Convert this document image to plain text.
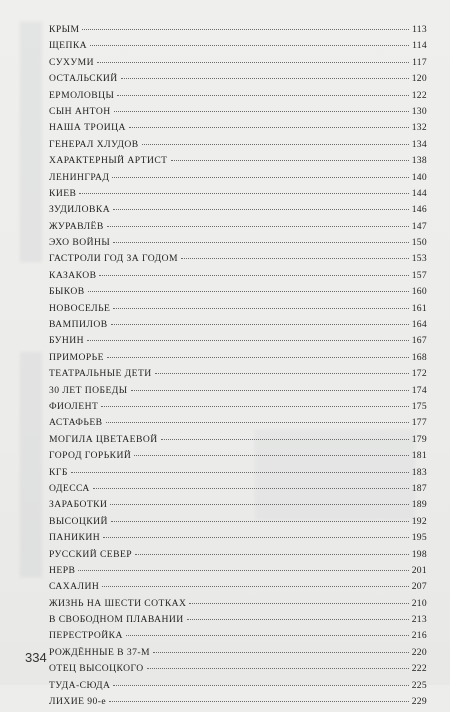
КРЫМ	113
ЩЕПКА	114
СУХУМИ	117
ОСТАЛЬСКИЙ	120
ЕРМОЛОВЦЫ	122
СЫН АНТОН	130
НАША ТРОИЦА	132
ГЕНЕРАЛ ХЛУДОВ	134
ХАРАКТЕРНЫЙ АРТИСТ	138
ЛЕНИНГРАД	140
КИЕВ	144
ЗУДИЛОВКА	146
ЖУРАВЛЁВ	147
ЭХО ВОЙНЫ	150
ГАСТРОЛИ ГОД ЗА ГОДОМ	153
КАЗАКОВ	157
БЫКОВ	160
НОВОСЕЛЬЕ	161
ВАМПИЛОВ	164
БУНИН	167
ПРИМОРЬЕ	168
ТЕАТРАЛЬНЫЕ ДЕТИ	172
30 ЛЕТ ПОБЕДЫ	174
ФИОЛЕНТ	175
АСТАФЬЕВ	177
МОГИЛА ЦВЕТАЕВОЙ	179
ГОРОД ГОРЬКИЙ	181
КГБ	183
ОДЕССА	187
ЗАРАБОТКИ	189
ВЫСОЦКИЙ	192
ПАНИКИН	195
РУССКИЙ СЕВЕР	198
НЕРВ	201
САХАЛИН	207
ЖИЗНЬ НА ШЕСТИ СОТКАХ	210
В СВОБОДНОМ ПЛАВАНИИ	213
ПЕРЕСТРОЙКА	216
РОЖДЁННЫЕ В 37-М	220
ОТЕЦ ВЫСОЦКОГО	222
ТУДА-СЮДА	225
ЛИХИЕ 90-е	229
334
